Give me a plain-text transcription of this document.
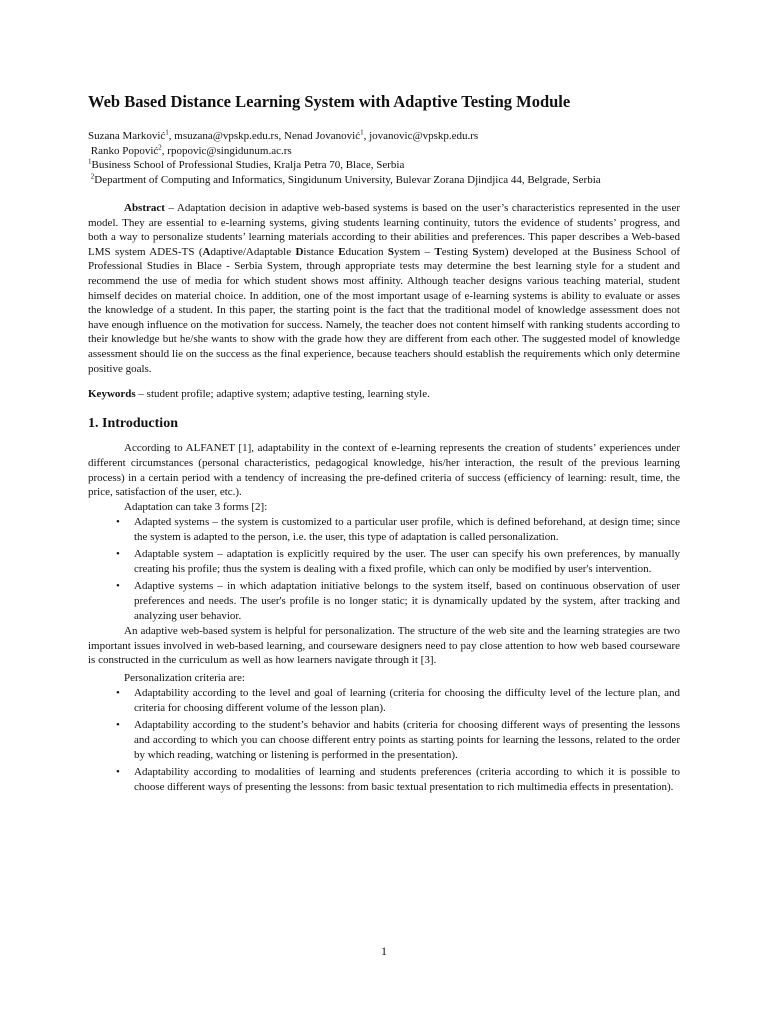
Web Based Distance Learning System with Adaptive Testing Module
Suzana Marković$^1$, msuzana@vpskp.edu.rs, Nenad Jovanović$^1$, jovanovic@vpskp.edu.rs
Ranko Popović$^2$, rpopovic@singidunum.ac.rs
$^1$Business School of Professional Studies, Kralja Petra 70, Blace, Serbia
$^2$Department of Computing and Informatics, Singidunum University, Bulevar Zorana Djindjica 44, Belgrade, Serbia

Abstract – Adaptation decision in adaptive web-based systems is based on the user’s characteristics represented in the user model. They are essential to e-learning systems, giving students learning continuity, tutors the evidence of students’ progress, and both a way to personalize students’ learning materials according to their abilities and preferences. This paper describes a Web-based LMS system ADES-TS (Adaptive/Adaptable Distance Education System – Testing System) developed at the Business School of Professional Studies in Blace - Serbia System, through appropriate tests may determine the best learning style for a student and recommend the use of media for which student shows most affinity. Although teacher designs various teaching material, student himself decides on material choice. In addition, one of the most important usage of e-learning systems is ability to evaluate or asses the knowledge of a student. In this paper, the starting point is the fact that the traditional model of knowledge assessment does not have enough influence on the motivation for success. Namely, the teacher does not content himself with ranking students according to their knowledge but he/she wants to show with the grade how they are different from each other. The suggested model of knowledge assessment should lie on the success as the final experience, because teachers should establish the requirements which only determine positive goals.

Keywords – student profile; adaptive system; adaptive testing, learning style.

1. Introduction

According to ALFANET [1], adaptability in the context of e-learning represents the creation of students’ experiences under different circumstances (personal characteristics, pedagogical knowledge, his/her interaction, the result of the previous learning process) in a certain period with a tendency of increasing the pre-defined criteria of success (efficiency of learning: result, time, the price, satisfaction of the user, etc.).

Adaptation can take 3 forms [2]:

• Adapted systems – the system is customized to a particular user profile, which is defined beforehand, at design time; since the system is adapted to the person, i.e. the user, this type of adaptation is called personalization.
• Adaptable system – adaptation is explicitly required by the user. The user can specify his own preferences, by manually creating his profile; thus the system is dealing with a fixed profile, which can only be modified by user's intervention.
• Adaptive systems – in which adaptation initiative belongs to the system itself, based on continuous observation of user preferences and needs. The user's profile is no longer static; it is dynamically updated by the system, after tracking and analyzing user behavior.

An adaptive web-based system is helpful for personalization. The structure of the web site and the learning strategies are two important issues involved in web-based learning, and courseware designers need to pay close attention to how web based courseware is constructed in the curriculum as well as how learners navigate through it [3].

Personalization criteria are:

• Adaptability according to the level and goal of learning (criteria for choosing the difficulty level of the lecture plan, and criteria for choosing different volume of the lesson plan).
• Adaptability according to the student’s behavior and habits (criteria for choosing different ways of presenting the lessons and according to which you can choose different entry points as starting points for learning the lessons, related to the order by which reading, watching or listening is performed in the presentation).
• Adaptability according to modalities of learning and students preferences (criteria according to which it is possible to choose different ways of presenting the lessons: from basic textual presentation to rich multimedia effects in presentation).
1
